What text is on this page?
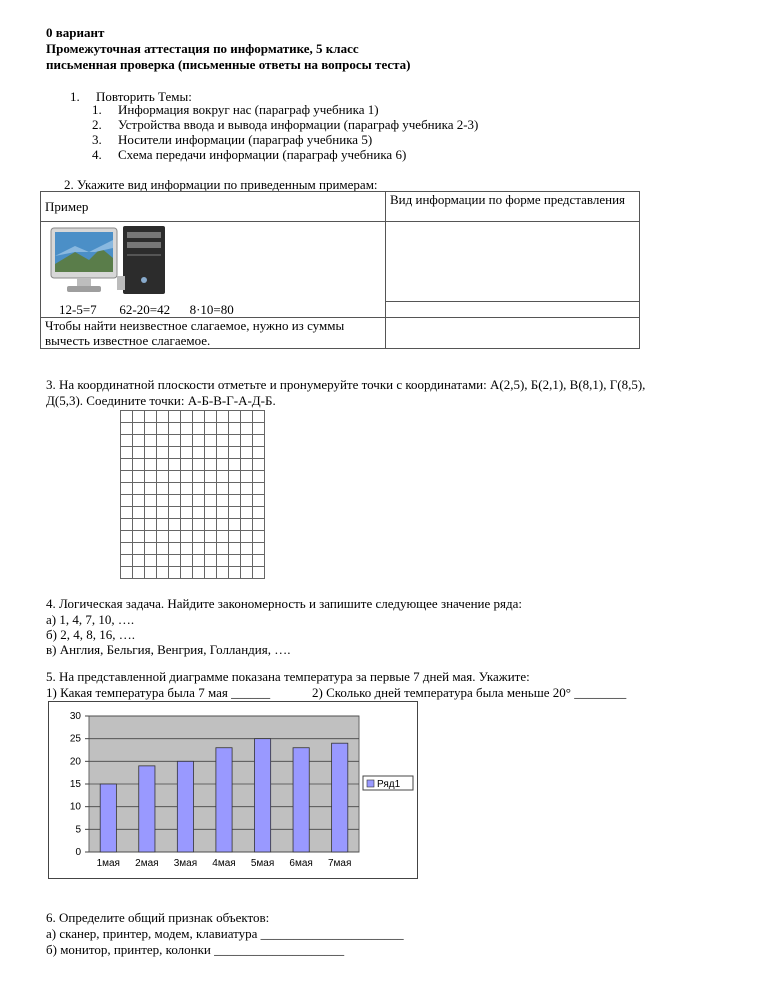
0 вариант
Промежуточная аттестация по информатике, 5 класс
письменная проверка (письменные ответы на вопросы теста)
1. Повторить Темы:
1. Информация вокруг нас (параграф учебника 1)
2. Устройства ввода и вывода информации (параграф учебника 2-3)
3. Носители информации (параграф учебника 5)
4. Схема передачи информации (параграф учебника 6)
2. Укажите вид информации по приведенным примерам:
Пример	Вид информации по форме представления

12-5=7       62-20=42      8·10=80	
Чтобы найти неизвестное слагаемое, нужно из суммы вычесть известное слагаемое.	
3. На координатной плоскости отметьте и пронумеруйте точки с координатами: А(2,5), Б(2,1), В(8,1), Г(8,5),
Д(5,3). Соедините точки: А-Б-В-Г-А-Д-Б.
4. Логическая задача. Найдите закономерность и запишите следующее значение ряда:
а) 1, 4, 7, 10, ….
б) 2, 4, 8, 16, ….
в) Англия, Бельгия, Венгрия, Голландия, ….
5. На представленной диаграмме показана температура за первые 7 дней мая. Укажите:
1) Какая температура была 7 мая ______	2) Сколько дней температура была меньше 20° ________
0
5
10
15
20
25
30
1мая 2мая 3мая 4мая 5мая 6мая 7мая
Ряд1
6. Определите общий признак объектов:
а) сканер, принтер, модем, клавиатура ______________________
б) монитор, принтер, колонки ____________________
